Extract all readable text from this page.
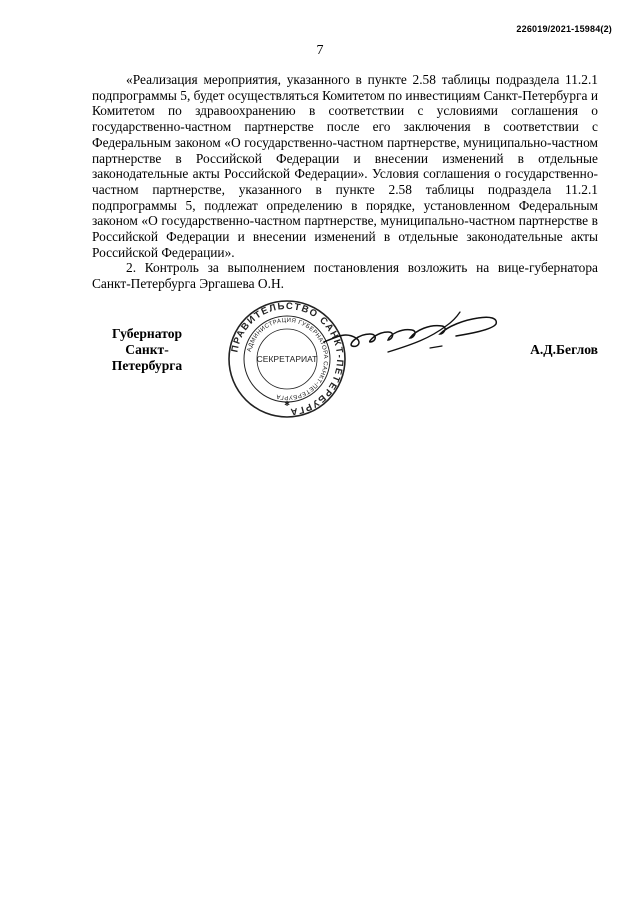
226019/2021-15984(2)
7

«Реализация мероприятия, указанного в пункте 2.58 таблицы подраздела 11.2.1 подпрограммы 5, будет осуществляться Комитетом по инвестициям Санкт-Петербурга и Комитетом по здравоохранению в соответствии с условиями соглашения о государственно-частном партнерстве после его заключения в соответствии с Федеральным законом «О государственно-частном партнерстве, муниципально-частном партнерстве в Российской Федерации и внесении изменений в отдельные законодательные акты Российской Федерации». Условия соглашения о государственно-частном партнерстве, указанного в пункте 2.58 таблицы подраздела 11.2.1 подпрограммы 5, подлежат определению в порядке, установленном Федеральным законом «О государственно-частном партнерстве, муниципально-частном партнерстве в Российской Федерации и внесении изменений в отдельные законодательные акты Российской Федерации».

2. Контроль за выполнением постановления возложить на вице-губернатора Санкт-Петербурга Эргашева О.Н.

Губернатор
Санкт-Петербурга
ПРАВИТЕЛЬСТВО САНКТ-ПЕТЕРБУРГА
АДМИНИСТРАЦИЯ ГУБЕРНАТОРА САНКТ-ПЕТЕРБУРГА
СЕКРЕТАРИАТ
✱
А.Д.Беглов
